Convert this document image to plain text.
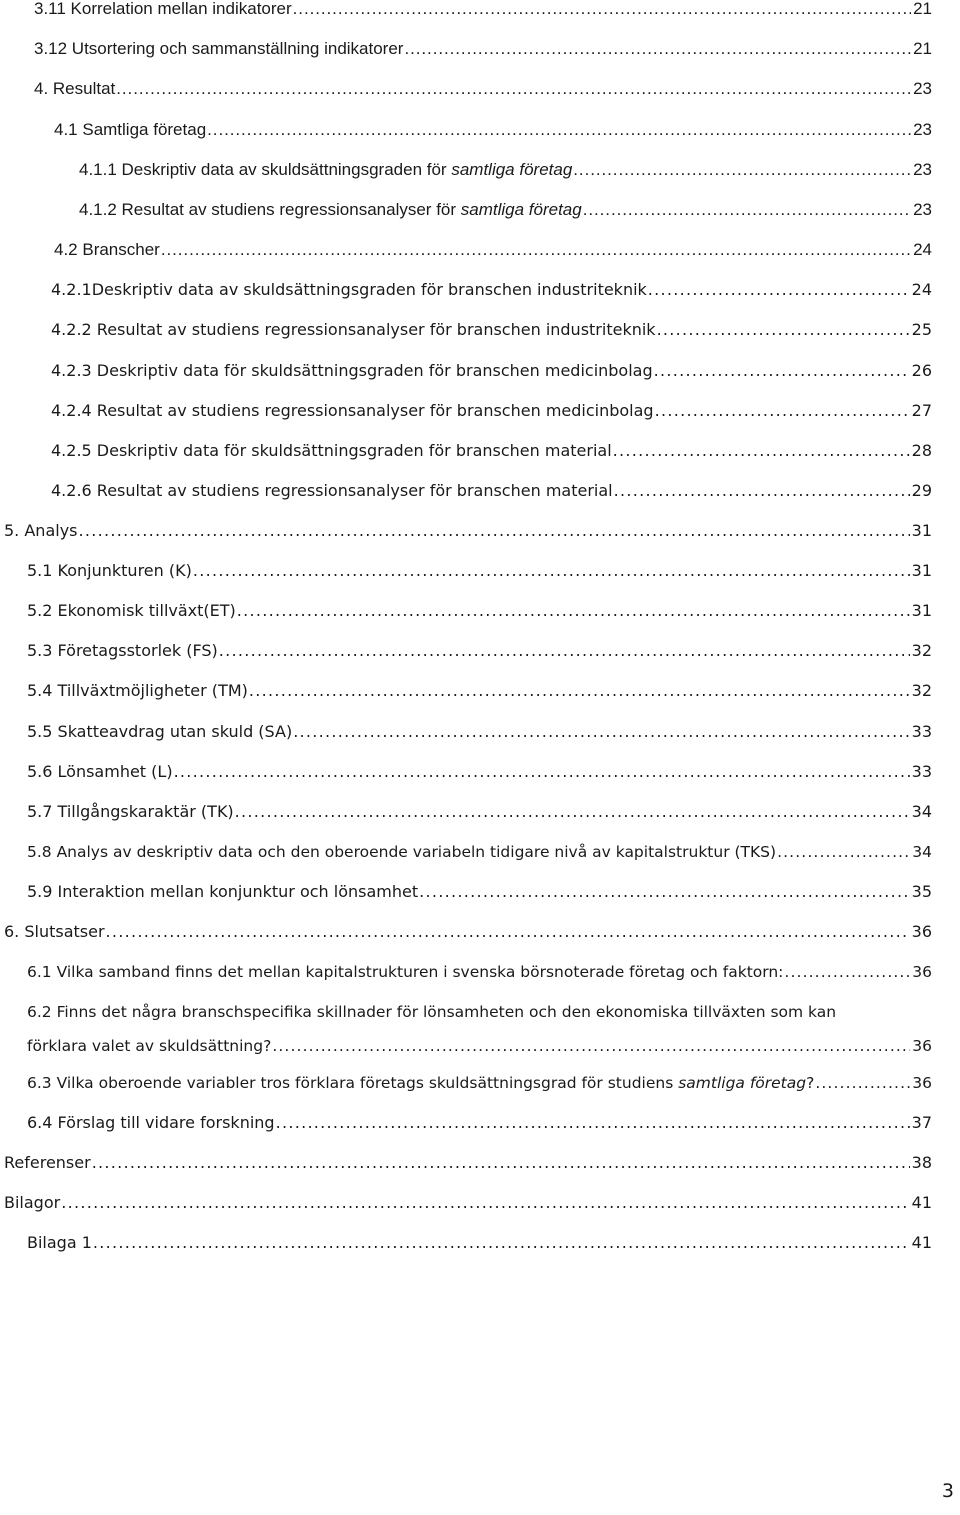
3.11 Korrelation mellan indikatorer . . .	21
3.12 Utsortering och sammanställning indikatorer . . .	21
4. Resultat . . .	23
4.1 Samtliga företag . . .	23
4.1.1 Deskriptiv data av skuldsättningsgraden för samtliga företag . . .	23
4.1.2 Resultat av studiens regressionsanalyser för samtliga företag . . .	23
4.2 Branscher . . .	24
4.2.1Deskriptiv data av skuldsättningsgraden för branschen industriteknik . . .	24
4.2.2 Resultat av studiens regressionsanalyser för branschen industriteknik . . .	25
4.2.3 Deskriptiv data för skuldsättningsgraden för branschen medicinbolag . . .	26
4.2.4 Resultat av studiens regressionsanalyser för branschen medicinbolag . . .	27
4.2.5 Deskriptiv data för skuldsättningsgraden för branschen material . . .	28
4.2.6 Resultat av studiens regressionsanalyser för branschen material . . .	29
5. Analys . . .	31
5.1 Konjunkturen (K) . . .	31
5.2 Ekonomisk tillväxt(ET) . . .	31
5.3 Företagsstorlek (FS) . . .	32
5.4 Tillväxtmöjligheter (TM) . . .	32
5.5 Skatteavdrag utan skuld (SA) . . .	33
5.6 Lönsamhet (L) . . .	33
5.7 Tillgångskaraktär (TK) . . .	34
5.8 Analys av deskriptiv data och den oberoende variabeln tidigare nivå av kapitalstruktur (TKS) . . .	34
5.9 Interaktion mellan konjunktur och lönsamhet . . .	35
6. Slutsatser . . .	36
6.1 Vilka samband finns det mellan kapitalstrukturen i svenska börsnoterade företag och faktorn: . . .	36
6.2 Finns det några branschspecifika skillnader för lönsamheten och den ekonomiska tillväxten som kan
förklara valet av skuldsättning? . . .	36
6.3 Vilka oberoende variabler tros förklara företags skuldsättningsgrad för studiens samtliga företag? . . .	36
6.4 Förslag till vidare forskning . . .	37
Referenser . . .	38
Bilagor . . .	41
Bilaga 1 . . .	41
3
